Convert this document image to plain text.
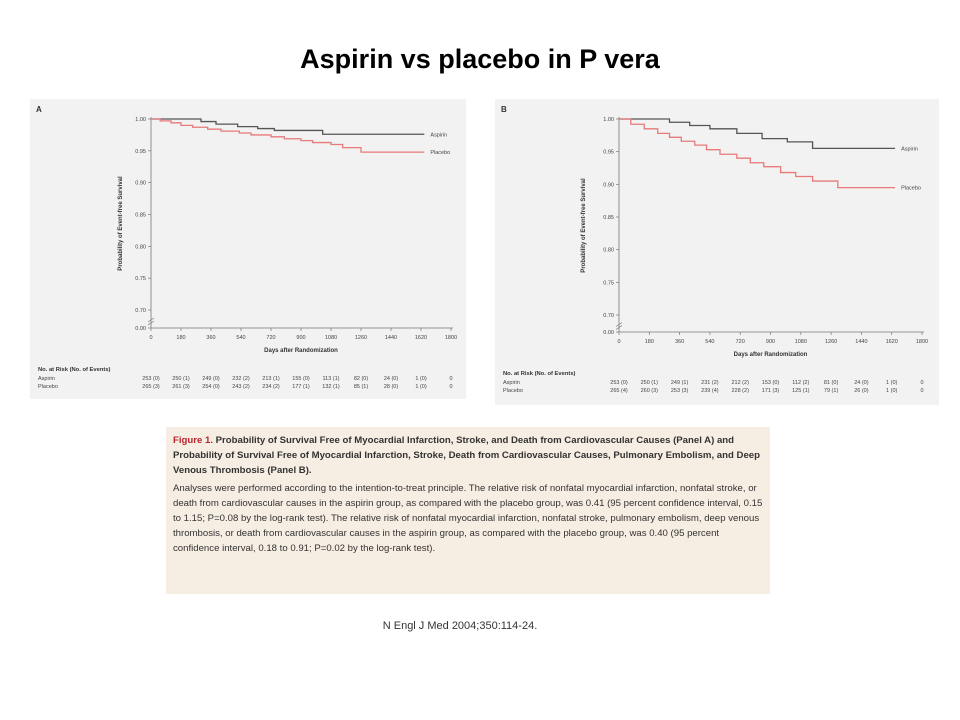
Aspirin vs placebo in P vera
A
0.00
0.70
0.75
0.80
0.85
0.90
0.95
1.00
0	180	360	540	720	900	1080	1260	1440	1620	1800
Days after Randomization
Probability of Event-free Survival
Aspirin
Placebo
No. at Risk (No. of Events)
Aspirin	253 (0) 250 (1) 249 (0) 232 (2) 213 (1) 155 (0) 113 (1)	82 (0)	24 (0)	1 (0)	0
Placebo	265 (3) 261 (3) 254 (0) 243 (2) 234 (2) 177 (1) 132 (1)	85 (1)	28 (0)	1 (0)	0
B
0.00
0.70
0.75
0.80
0.85
0.90
0.95
1.00
0	180	360	540	720	900	1080	1260	1440	1620	1800
Days after Randomization
Probability of Event-free Survival
Aspirin
Placebo
No. at Risk (No. of Events)
Aspirin	253 (0) 250 (1) 249 (1) 231 (2) 212 (2) 153 (0) 112 (2)	81 (0)	24 (0)	1 (0)	0
Placebo	265 (4) 260 (3) 253 (3) 239 (4) 228 (2) 171 (3) 125 (1)	79 (1)	26 (0)	1 (0)	0

Figure 1. Probability of Survival Free of Myocardial Infarction, Stroke, and Death from Cardiovascular Causes (Panel A) and Probability of Survival Free of Myocardial Infarction, Stroke, Death from Cardiovascular Causes, Pulmonary Embolism, and Deep Venous Thrombosis (Panel B).

Analyses were performed according to the intention-to-treat principle. The relative risk of nonfatal myocardial infarction, nonfatal stroke, or death from cardiovascular causes in the aspirin group, as compared with the placebo group, was 0.41 (95 percent confidence interval, 0.15 to 1.15; P=0.08 by the log-rank test). The relative risk of nonfatal myocardial infarction, nonfatal stroke, pulmonary embolism, deep venous thrombosis, or death from cardiovascular causes in the aspirin group, as compared with the placebo group, was 0.40 (95 percent confidence interval, 0.18 to 0.91; P=0.02 by the log-rank test).

N Engl J Med 2004;350:114-24.
